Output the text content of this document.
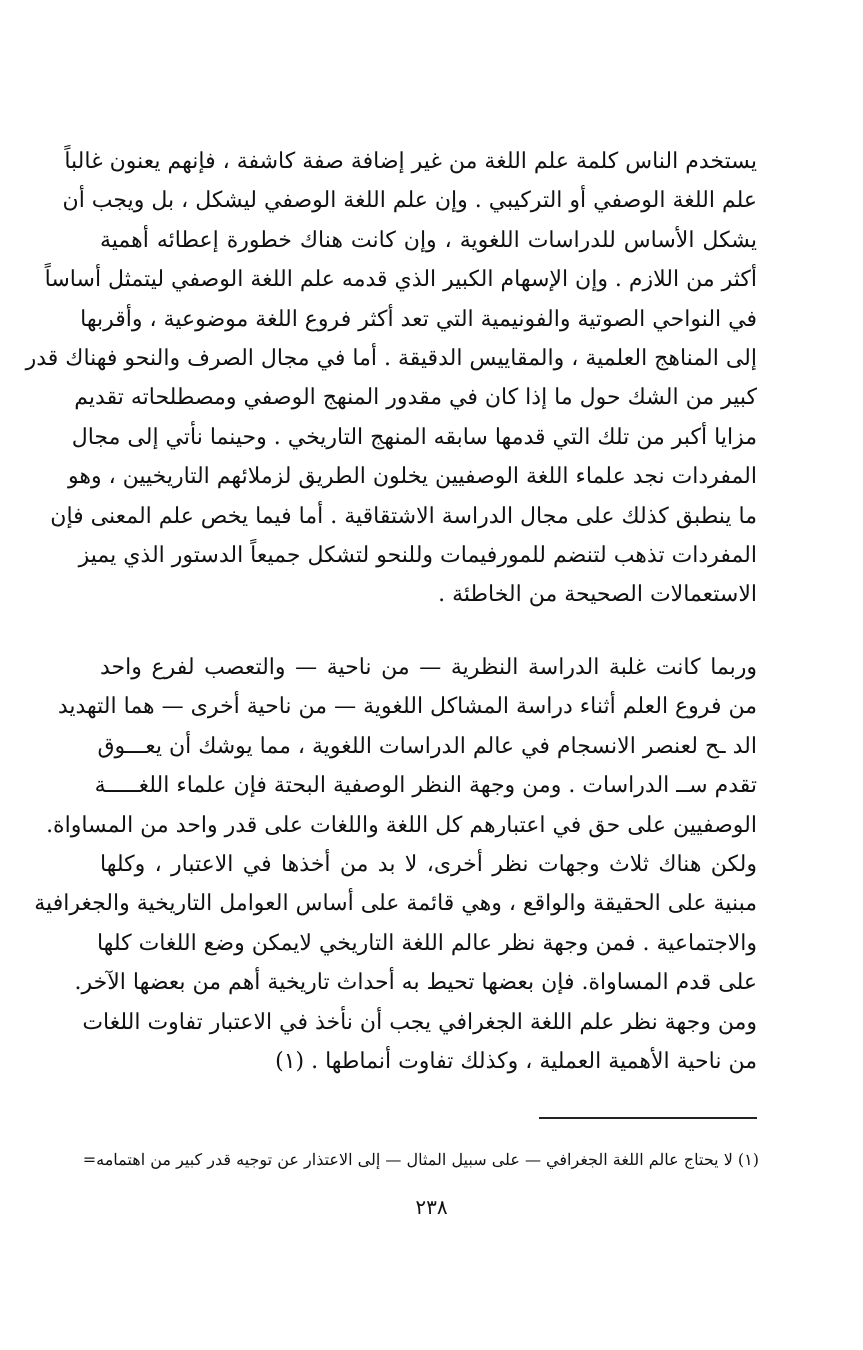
يستخدم الناس كلمة علم اللغة من غير إضافة صفة كاشفة ، فإنهم يعنون غالباً
علم اللغة الوصفي أو التركيبي . وإن علم اللغة الوصفي ليشكل ، بل ويجب أن
يشكل الأساس للدراسات اللغوية ، وإن كانت هناك خطورة إعطائه أهمية
أكثر من اللازم . وإن الإسهام الكبير الذي قدمه علم اللغة الوصفي ليتمثل أساساً
في النواحي الصوتية والفونيمية التي تعد أكثر فروع اللغة موضوعية ، وأقربها
إلى المناهج العلمية ، والمقاييس الدقيقة . أما في مجال الصرف والنحو فهناك قدر
كبير من الشك حول ما إذا كان في مقدور المنهج الوصفي ومصطلحاته تقديم
مزايا أكبر من تلك التي قدمها سابقه المنهج التاريخي . وحينما نأتي إلى مجال
المفردات نجد علماء اللغة الوصفيين يخلون الطريق لزملائهم التاريخيين ، وهو
ما ينطبق كذلك على مجال الدراسة الاشتقاقية . أما فيما يخص علم المعنى فإن
المفردات تذهب لتنضم للمورفيمات وللنحو لتشكل جميعاً الدستور الذي يميز
الاستعمالات الصحيحة من الخاطئة .
وربما كانت غلبة الدراسة النظرية — من ناحية — والتعصب لفرع واحد
من فروع العلم أثناء دراسة المشاكل اللغوية — من ناحية أخرى — هما التهديد
الد ـح لعنصر الانسجام في عالم الدراسات اللغوية ، مما يوشك أن يعـــوق
تقدم ســ الدراسات . ومن وجهة النظر الوصفية البحتة فإن علماء اللغـــــة
الوصفيين على حق في اعتبارهم كل اللغة واللغات على قدر واحد من المساواة.
ولكن هناك ثلاث وجهات نظر أخرى، لا بد من أخذها في الاعتبار ، وكلها
مبنية على الحقيقة والواقع ، وهي قائمة على أساس العوامل التاريخية والجغرافية
والاجتماعية . فمن وجهة نظر عالم اللغة التاريخي لايمكن وضع اللغات كلها
على قدم المساواة. فإن بعضها تحيط به أحداث تاريخية أهم من بعضها الآخر.
ومن وجهة نظر علم اللغة الجغرافي يجب أن نأخذ في الاعتبار تفاوت اللغات
من ناحية الأهمية العملية ، وكذلك تفاوت أنماطها . (١)
(١) لا يحتاج عالم اللغة الجغرافي — على سبيل المثال — إلى الاعتذار عن توجيه قدر كبير من اهتمامه=
٢٣٨
